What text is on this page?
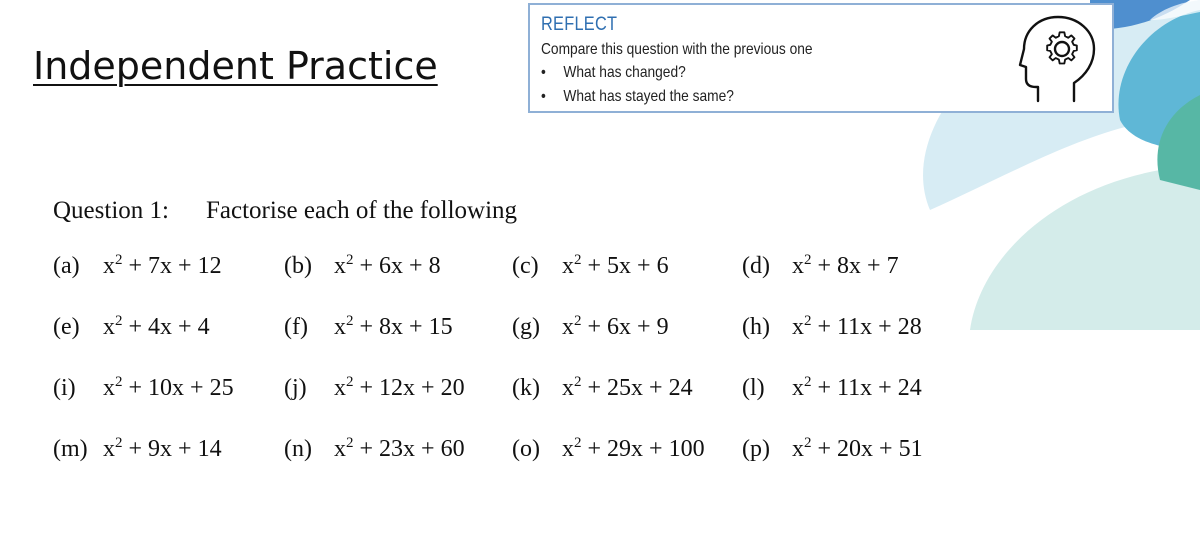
Independent Practice
REFLECT
Compare this question with the previous one
• What has changed?
• What has stayed the same?
Question 1: Factorise each of the following
(a) $x^2 + 7x + 12$	(b) $x^2 + 6x + 8$	(c) $x^2 + 5x + 6$	(d) $x^2 + 8x + 7$
(e) $x^2 + 4x + 4$	(f) $x^2 + 8x + 15$ (g) $x^2 + 6x + 9$	(h) $x^2 + 11x + 28$
(i) $x^2 + 10x + 25$ (j) $x^2 + 12x + 20$ (k) $x^2 + 25x + 24$ (l) $x^2 + 11x + 24$
(m) $x^2 + 9x + 14$	(n) $x^2 + 23x + 60$ (o) $x^2 + 29x + 100$ (p) $x^2 + 20x + 51$
